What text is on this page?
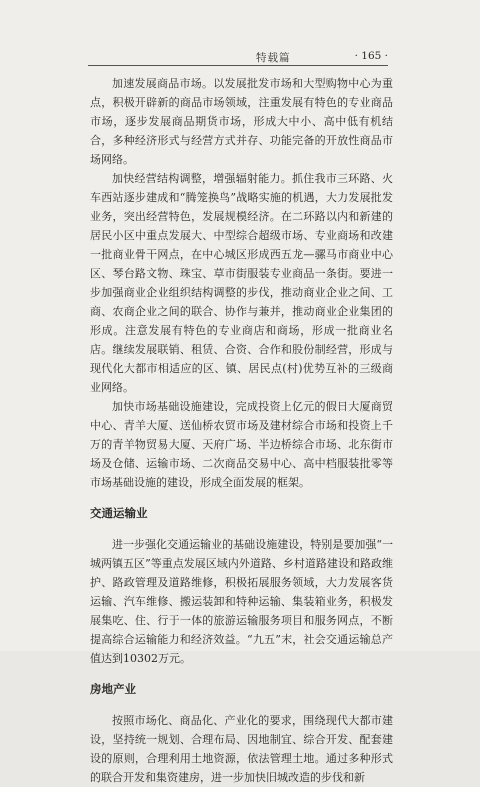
特载篇	· 165 ·

加速发展商品市场。以发展批发市场和大型购物中心为重点，积极开辟新的商品市场领域，注重发展有特色的专业商品市场，逐步发展商品期货市场，形成大中小、高中低有机结合，多种经济形式与经营方式并存、功能完备的开放性商品市场网络。

加快经营结构调整，增强辐射能力。抓住我市三环路、火车西站逐步建成和“腾笼换鸟”战略实施的机遇，大力发展批发业务，突出经营特色，发展规模经济。在二环路以内和新建的居民小区中重点发展大、中型综合超级市场、专业商场和改建一批商业骨干网点，在中心城区形成西五龙—骡马市商业中心区、琴台路文物、珠宝、草市街服装专业商品一条街。要进一步加强商业企业组织结构调整的步伐，推动商业企业之间、工商、农商企业之间的联合、协作与兼并，推动商业企业集团的形成。注意发展有特色的专业商店和商场，形成一批商业名店。继续发展联销、租赁、合资、合作和股份制经营，形成与现代化大都市相适应的区、镇、居民点(村)优势互补的三级商业网络。

加快市场基础设施建设，完成投资上亿元的假日大厦商贸中心、青羊大厦、送仙桥农贸市场及建材综合市场和投资上千万的青羊物贸易大厦、天府广场、半边桥综合市场、北东街市场及仓储、运输市场、二次商品交易中心、高中档服装批零等市场基础设施的建设，形成全面发展的框架。

交通运输业

进一步强化交通运输业的基础设施建设，特别是要加强“一城两镇五区”等重点发展区域内外道路、乡村道路建设和路政维护、路政管理及道路维修，积极拓展服务领域，大力发展客货运输、汽车维修、搬运装卸和特种运输、集装箱业务，积极发展集吃、住、行于一体的旅游运输服务项目和服务网点，不断提高综合运输能力和经济效益。“九五”末，社会交通运输总产值达到10302万元。

房地产业

按照市场化、商品化、产业化的要求，围绕现代大都市建设，坚持统一规划、合理布局、因地制宜、综合开发、配套建设的原则，合理利用土地资源，依法管理土地。通过多种形式的联合开发和集资建房，进一步加快旧城改造的步伐和新
